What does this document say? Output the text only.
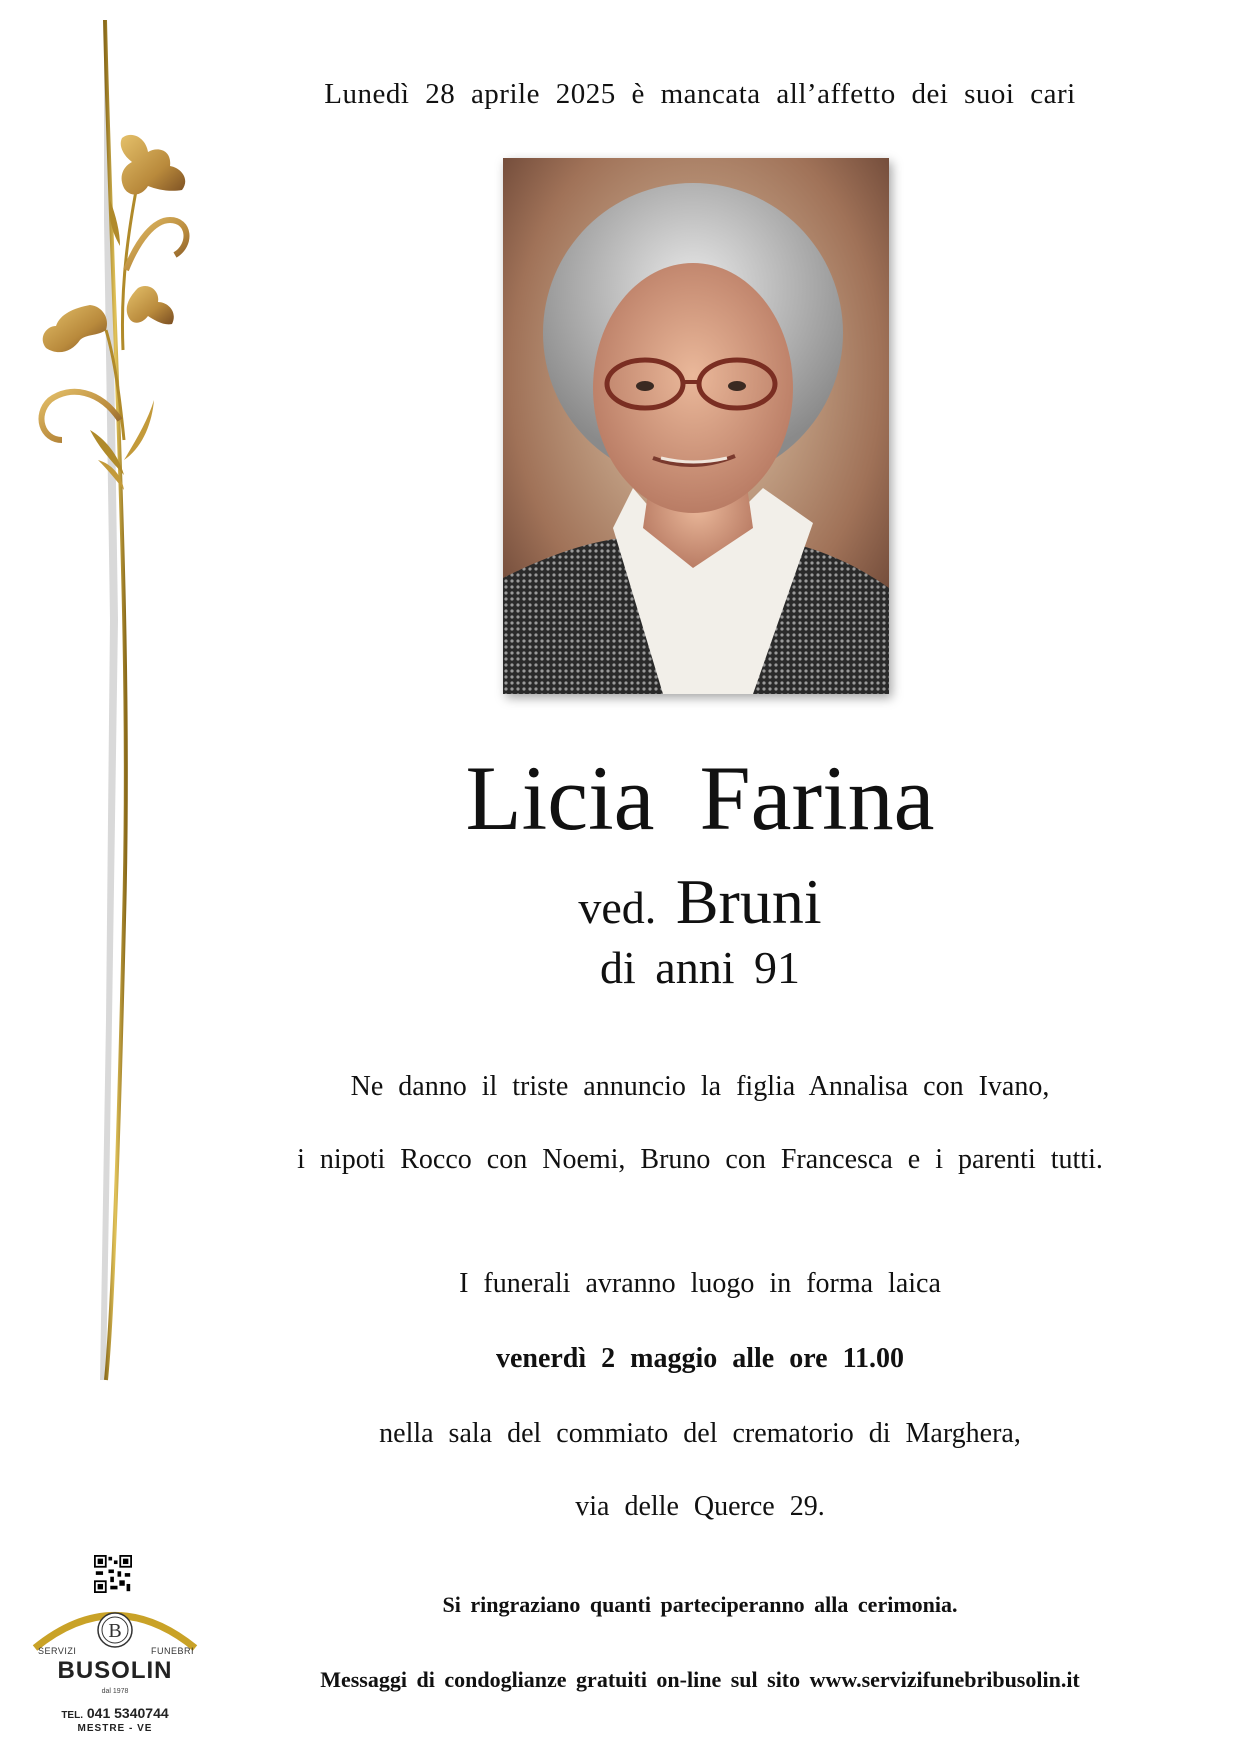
Lunedì 28 aprile 2025 è mancata all’affetto dei suoi cari
Licia Farina
ved. Bruni
di anni 91
Ne danno il triste annuncio la figlia Annalisa con Ivano,
i nipoti Rocco con Noemi, Bruno con Francesca e i parenti tutti.
I funerali avranno luogo in forma laica
venerdì 2 maggio alle ore 11.00
nella sala del commiato del crematorio di Marghera,
via delle Querce 29.
Si ringraziano quanti parteciperanno alla cerimonia.
Messaggi di condoglianze gratuiti on-line sul sito www.servizifunebribusolin.it
B
SERVIZI	FUNEBRI
BUSOLIN
dal 1978
TEL. 041 5340744
MESTRE - VE
